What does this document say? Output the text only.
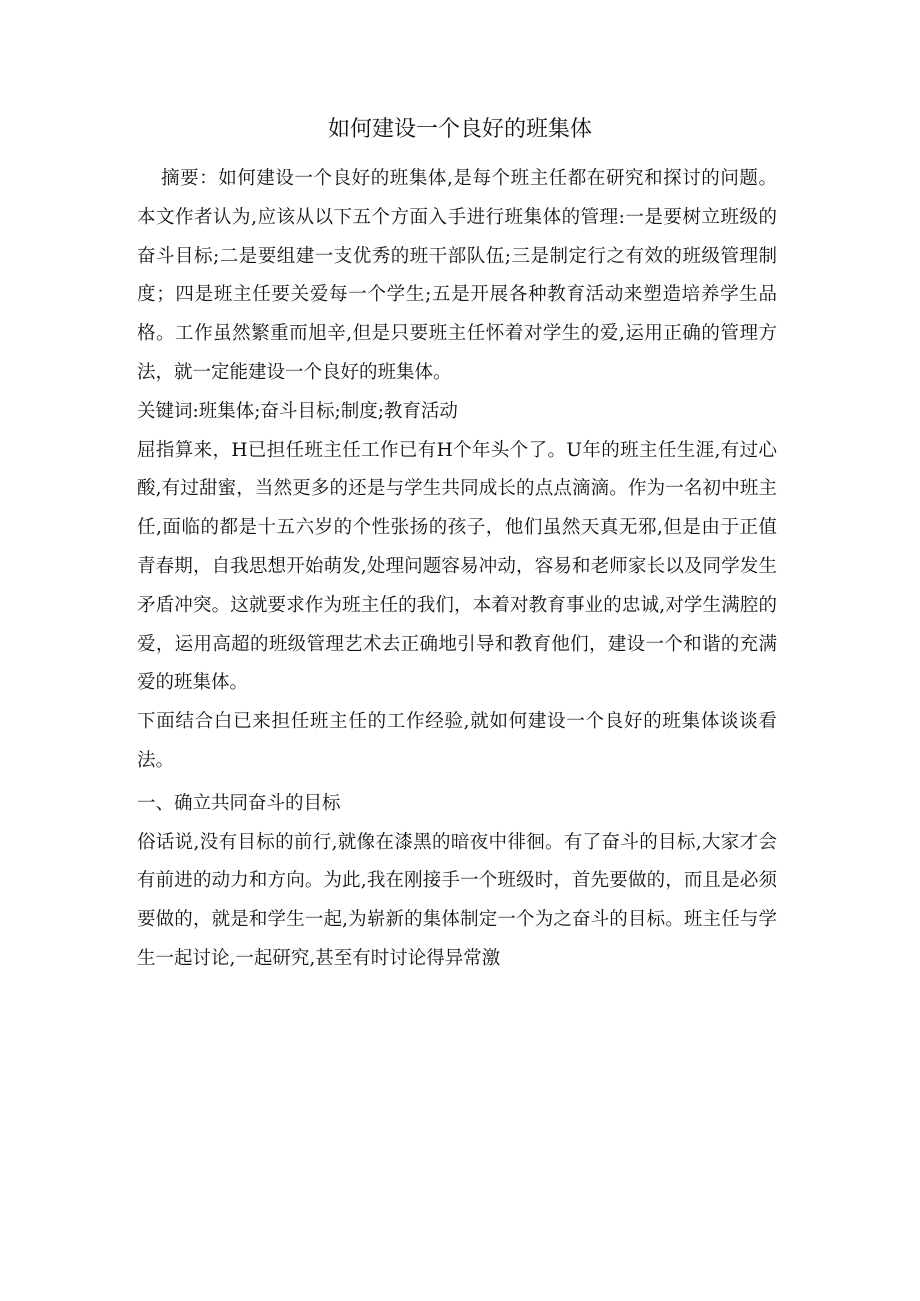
如何建设一个良好的班集体

摘要：如何建设一个良好的班集体,是每个班主任都在研究和探讨的问题。本文作者认为,应该从以下五个方面入手进行班集体的管理:一是要树立班级的奋斗目标;二是要组建一支优秀的班干部队伍;三是制定行之有效的班级管理制度；四是班主任要关爱每一个学生;五是开展各种教育活动来塑造培养学生品格。工作虽然繁重而旭辛,但是只要班主任怀着对学生的爱,运用正确的管理方法，就一定能建设一个良好的班集体。

关键词:班集体;奋斗目标;制度;教育活动

屈指算来，H已担任班主任工作已有H个年头个了。U年的班主任生涯,有过心酸,有过甜蜜，当然更多的还是与学生共同成长的点点滴滴。作为一名初中班主任,面临的都是十五六岁的个性张扬的孩子，他们虽然天真无邪,但是由于正值青春期，自我思想开始萌发,处理问题容易冲动，容易和老师家长以及同学发生矛盾冲突。这就要求作为班主任的我们，本着对教育事业的忠诚,对学生满腔的爱，运用高超的班级管理艺术去正确地引导和教育他们，建设一个和谐的充满爱的班集体。

下面结合白已来担任班主任的工作经验,就如何建设一个良好的班集体谈谈看法。

一、确立共同奋斗的目标

俗话说,没有目标的前行,就像在漆黑的暗夜中徘徊。有了奋斗的目标,大家才会有前进的动力和方向。为此,我在刚接手一个班级时，首先要做的，而且是必须要做的，就是和学生一起,为崭新的集体制定一个为之奋斗的目标。班主任与学生一起讨论,一起研究,甚至有时讨论得异常激
